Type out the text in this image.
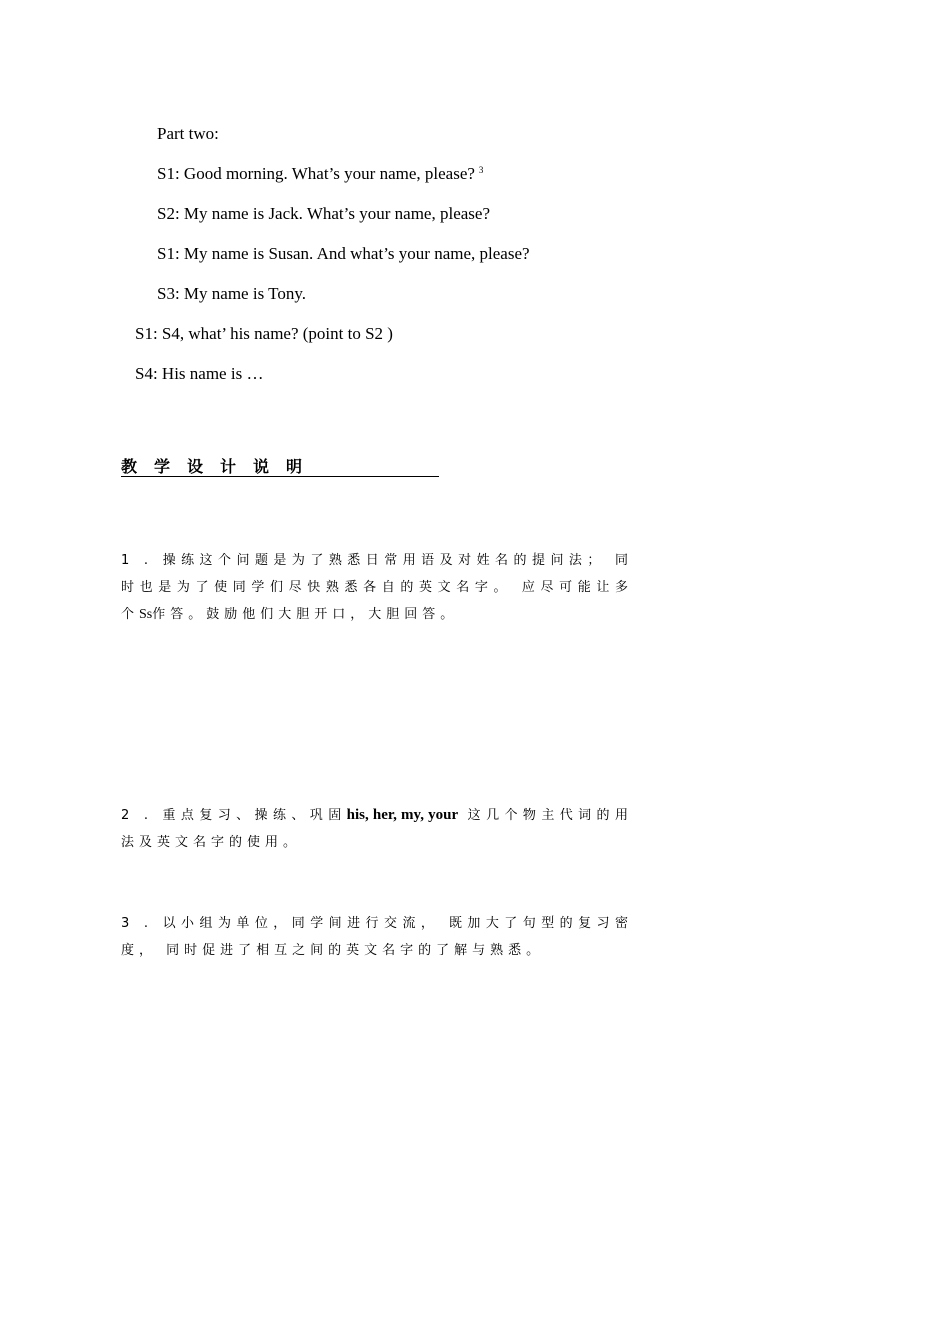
Part two:
S1: Good morning. What’s your name, please? $^3$
S2: My name is Jack. What’s your name, please?
S1: My name is Susan. And what’s your name, please?
S3: My name is Tony.
S1: S4, what’ his name? (point to S2 )
S4: His name is …
教学设计说明
1 . 操练这个问题是为了熟悉日常用语及对姓名的提问法； 同时也是为了使同学们尽快熟悉各自的英文名字。 应尽可能让多个Ss作答。鼓励他们大胆开口，大胆回答。
2 . 重点复习、操练、巩固his, her, my, your 这几个物主代词的用法及英文名字的使用。
3 . 以小组为单位，同学间进行交流， 既加大了句型的复习密度， 同时促进了相互之间的英文名字的了解与熟悉。
